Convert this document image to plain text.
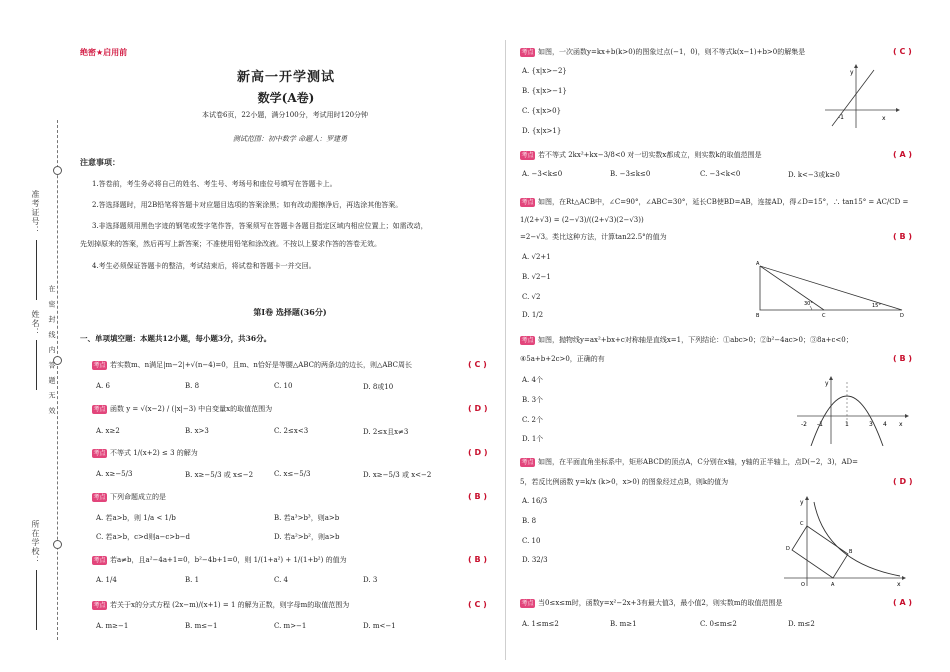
准考证号：
姓名： 在 密 封 线 内 答 题 无 效
所在学校：
绝密★启用前
新高一开学测试
数学(A卷)
本试卷6页，22小题，满分100分，考试用时120分钟
测试范围：初中数学 命题人：罗建勇
注意事项：
1.答卷前，考生务必将自己的姓名、考生号、考场号和座位号填写在答题卡上。
2.答选择题时，用2B铅笔将答题卡对应题目选项的答案涂黑；如有改动需擦净后，再选涂其他答案。
3.非选择题须用黑色字迹的钢笔或签字笔作答，答案须写在答题卡各题目指定区域内相应位置上；如需改动，
先划掉原来的答案，然后再写上新答案；不准使用铅笔和涂改液。不按以上要求作答的答卷无效。
4.考生必须保证答题卡的整洁，考试结束后，将试卷和答题卡一并交回。
第Ⅰ卷 选择题(36分)
一、单项填空题：本题共12小题，每小题3分，共36分。
考点1若实数m、n满足|m−2|+√(n−4)=0，且m、n恰好是等腰△ABC的两条边的边长，则△ABC周长	( C )
A. 6	B. 8	C. 10	D. 8或10
考点2函数 y = √(x−2) / (|x|−3) 中自变量x的取值范围为	( D )
A. x≥2	B. x>3	C. 2≤x<3	D. 2≤x且x≠3
考点3不等式 1/(x+2) ≤ 3 的解为	( D )
A. x≥−5/3	B. x≥−5/3 或 x≤−2	C. x≤−5/3	D. x≥−5/3 或 x<−2
考点4下列命题成立的是	( B )
A. 若a>b，则 1/a < 1/b	B. 若a³>b³，则a>b
C. 若a>b，c>d则a−c>b−d	D. 若a²>b²，则a>b
考点5若a≠b，且a²−4a+1=0，b²−4b+1=0，则 1/(1+a²) + 1/(1+b²) 的值为	( B )
A. 1/4	B. 1	C. 4	D. 3
考点6若关于x的分式方程 (2x−m)/(x+1) = 1 的解为正数，则字母m的取值范围为	( C )
A. m≥−1	B. m≤−1	C. m>−1	D. m<−1
考点7如图，一次函数y=kx+b(k>0)的图象过点(−1，0)，则不等式k(x−1)+b>0的解集是	( C )
A. {x|x>−2}
B. {x|x>−1}
C. {x|x>0}
D. {x|x>1}
y
x
-1
考点8若不等式 2kx²+kx−3/8<0 对一切实数x都成立，则实数k的取值范围是	( A )
A. −3<k≤0	B. −3≤k≤0	C. −3<k<0	D. k<−3或k≥0
考点9如图，在Rt△ACB中，∠C=90°，∠ABC=30°，延长CB使BD=AB，连接AD，得∠D=15°，∴ tan15° = AC/CD = 1/(2+√3) = (2−√3)/((2+√3)(2−√3))
=2−√3。类比这种方法，计算tan22.5°的值为	( B )
A. √2+1
B. √2−1
C. √2
D. 1/2
A
B	C	D
30°	15°
考点10如图，抛物线y=ax²+bx+c对称轴是直线x=1，下列结论：①abc>0；②b²−4ac>0；③8a+c<0；
④5a+b+2c>0，正确的有	( B )
A. 4个
B. 3个
C. 2个
D. 1个
y
x
-2 -1	1	3 4
考点11如图，在平面直角坐标系中，矩形ABCD的顶点A，C分别在x轴，y轴的正半轴上，点D(−2，3)，AD=
5，若反比例函数 y=k/x (k>0，x>0) 的图象经过点B，则k的值为	( D )
A. 16/3
B. 8
C. 10
D. 32/3
y
x
A
B
C
D
O
考点12当0≤x≤m时，函数y=x²−2x+3有最大值3，最小值2，则实数m的取值范围是	( A )
A. 1≤m≤2	B. m≥1	C. 0≤m≤2	D. m≤2
